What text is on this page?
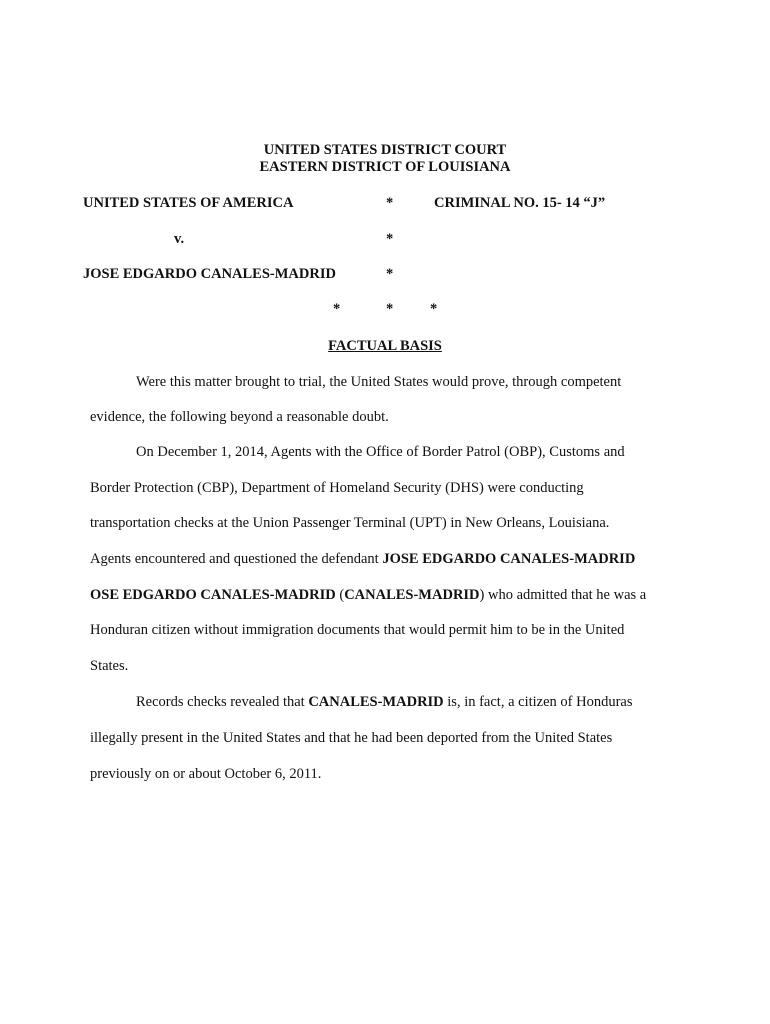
UNITED STATES DISTRICT COURT
EASTERN DISTRICT OF LOUISIANA
UNITED STATES OF AMERICA	*	CRIMINAL NO. 15- 14 “J”
v.	*
JOSE EDGARDO CANALES-MADRID	*
*	*	*
FACTUAL BASIS
Were this matter brought to trial, the United States would prove, through competent
evidence, the following beyond a reasonable doubt.
On December 1, 2014, Agents with the Office of Border Patrol (OBP), Customs and
Border Protection (CBP), Department of Homeland Security (DHS) were conducting
transportation checks at the Union Passenger Terminal (UPT) in New Orleans, Louisiana.
Agents encountered and questioned the defendant JOSE EDGARDO CANALES-MADRID
OSE EDGARDO CANALES-MADRID (CANALES-MADRID) who admitted that he was a
Honduran citizen without immigration documents that would permit him to be in the United
States.
Records checks revealed that CANALES-MADRID is, in fact, a citizen of Honduras
illegally present in the United States and that he had been deported from the United States
previously on or about October 6, 2011.
